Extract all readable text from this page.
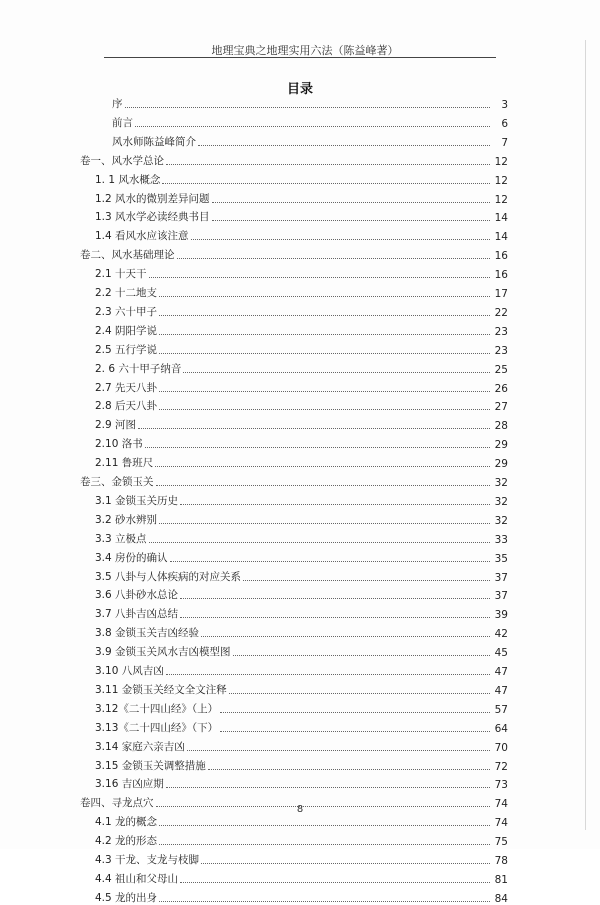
地理宝典之地理实用六法（陈益峰著）
目录
序	3
前言	6
风水师陈益峰简介	7
卷一、风水学总论	12
1. 1 风水概念	12
1.2 风水的微别差异问题	12
1.3 风水学必读经典书目	14
1.4 看风水应该注意	14
卷二、风水基础理论	16
2.1 十天干	16
2.2 十二地支	17
2.3 六十甲子	22
2.4 阴阳学说	23
2.5 五行学说	23
2. 6 六十甲子纳音	25
2.7 先天八卦	26
2.8 后天八卦	27
2.9 河图	28
2.10 洛书	29
2.11 鲁班尺	29
卷三、金锁玉关	32
3.1 金锁玉关历史	32
3.2 砂水辨别	32
3.3 立极点	33
3.4 房份的确认	35
3.5 八卦与人体疾病的对应关系	37
3.6 八卦砂水总论	37
3.7 八卦吉凶总结	39
3.8 金锁玉关吉凶经验	42
3.9 金锁玉关风水吉凶模型图	45
3.10 八风吉凶	47
3.11 金锁玉关经文全文注释	47
3.12《二十四山经》（上）	57
3.13《二十四山经》（下）	64
3.14 家庭六亲吉凶	70
3.15 金锁玉关调整措施	72
3.16 吉凶应期	73
卷四、寻龙点穴	74
4.1 龙的概念	74
4.2 龙的形态	75
4.3 干龙、支龙与枝脚	78
4.4 祖山和父母山	81
4.5 龙的出身	84
8
